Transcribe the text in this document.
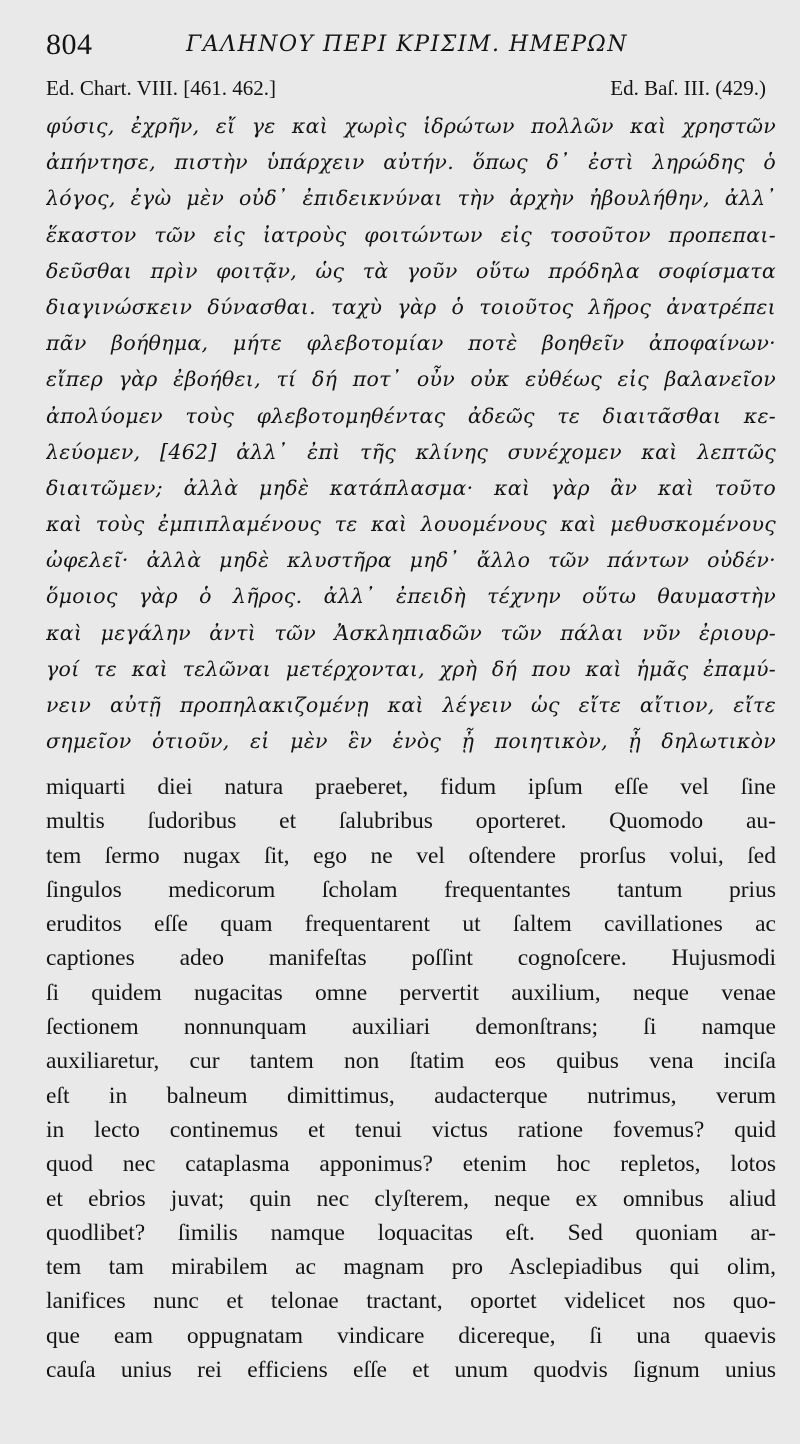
804	ΓΑΛΗΝΟΥ ΠΕΡΙ ΚΡΙΣΙΜ. ΗΜΕΡΩΝ
Ed. Chart. VIII. [461. 462.]	Ed. Baſ. III. (429.)
φύσις, ἐχρῆν, εἴ γε καὶ χωρὶς ἱδρώτων πολλῶν καὶ χρηστῶν
ἀπήντησε, πιστὴν ὑπάρχειν αὐτήν. ὅπως δ᾽ ἐστὶ ληρώδης ὁ
λόγος, ἐγὼ μὲν οὐδ᾽ ἐπιδεικνύναι τὴν ἀρχὴν ἠβουλήθην, ἀλλ᾽
ἕκαστον τῶν εἰς ἰατροὺς φοιτώντων εἰς τοσοῦτον προπεπαι-
δεῦσθαι πρὶν φοιτᾷν, ὡς τὰ γοῦν οὕτω πρόδηλα σοφίσματα
διαγινώσκειν δύνασθαι. ταχὺ γὰρ ὁ τοιοῦτος λῆρος ἀνατρέπει
πᾶν βοήθημα, μήτε φλεβοτομίαν ποτὲ βοηθεῖν ἀποφαίνων·
εἴπερ γὰρ ἐβοήθει, τί δή ποτ᾽ οὖν οὐκ εὐθέως εἰς βαλανεῖον
ἀπολύομεν τοὺς φλεβοτομηθέντας ἀδεῶς τε διαιτᾶσθαι κε-
λεύομεν, [462] ἀλλ᾽ ἐπὶ τῆς κλίνης συνέχομεν καὶ λεπτῶς
διαιτῶμεν; ἀλλὰ μηδὲ κατάπλασμα· καὶ γὰρ ἂν καὶ τοῦτο
καὶ τοὺς ἐμπιπλαμένους τε καὶ λουομένους καὶ μεθυσκομένους
ὠφελεῖ· ἀλλὰ μηδὲ κλυστῆρα μηδ᾽ ἄλλο τῶν πάντων οὐδέν·
ὅμοιος γὰρ ὁ λῆρος. ἀλλ᾽ ἐπειδὴ τέχνην οὕτω θαυμαστὴν
καὶ μεγάλην ἀντὶ τῶν Ἀσκληπιαδῶν τῶν πάλαι νῦν ἐριουρ-
γοί τε καὶ τελῶναι μετέρχονται, χρὴ δή που καὶ ἡμᾶς ἐπαμύ-
νειν αὐτῇ προπηλακιζομένῃ καὶ λέγειν ὡς εἴτε αἴτιον, εἴτε
σημεῖον ὁτιοῦν, εἰ μὲν ἓν ἑνὸς ᾖ ποιητικὸν, ᾖ δηλωτικὸν
miquarti diei natura praeberet, fidum ipſum eſſe vel ſine
multis ſudoribus et ſalubribus oporteret. Quomodo au-
tem ſermo nugax ſit, ego ne vel oſtendere prorſus volui, ſed
ſingulos medicorum ſcholam frequentantes tantum prius
eruditos eſſe quam frequentarent ut ſaltem cavillationes ac
captiones adeo manifeſtas poſſint cognoſcere. Hujusmodi
ſi quidem nugacitas omne pervertit auxilium, neque venae
ſectionem nonnunquam auxiliari demonſtrans; ſi namque
auxiliaretur, cur tantem non ſtatim eos quibus vena inciſa
eſt in balneum dimittimus, audacterque nutrimus, verum
in lecto continemus et tenui victus ratione fovemus? quid
quod nec cataplasma apponimus? etenim hoc repletos, lotos
et ebrios juvat; quin nec clyſterem, neque ex omnibus aliud
quodlibet? ſimilis namque loquacitas eſt. Sed quoniam ar-
tem tam mirabilem ac magnam pro Asclepiadibus qui olim,
lanifices nunc et telonae tractant, oportet videlicet nos quo-
que eam oppugnatam vindicare dicereque, ſi una quaevis
cauſa unius rei efficiens eſſe et unum quodvis ſignum unius
